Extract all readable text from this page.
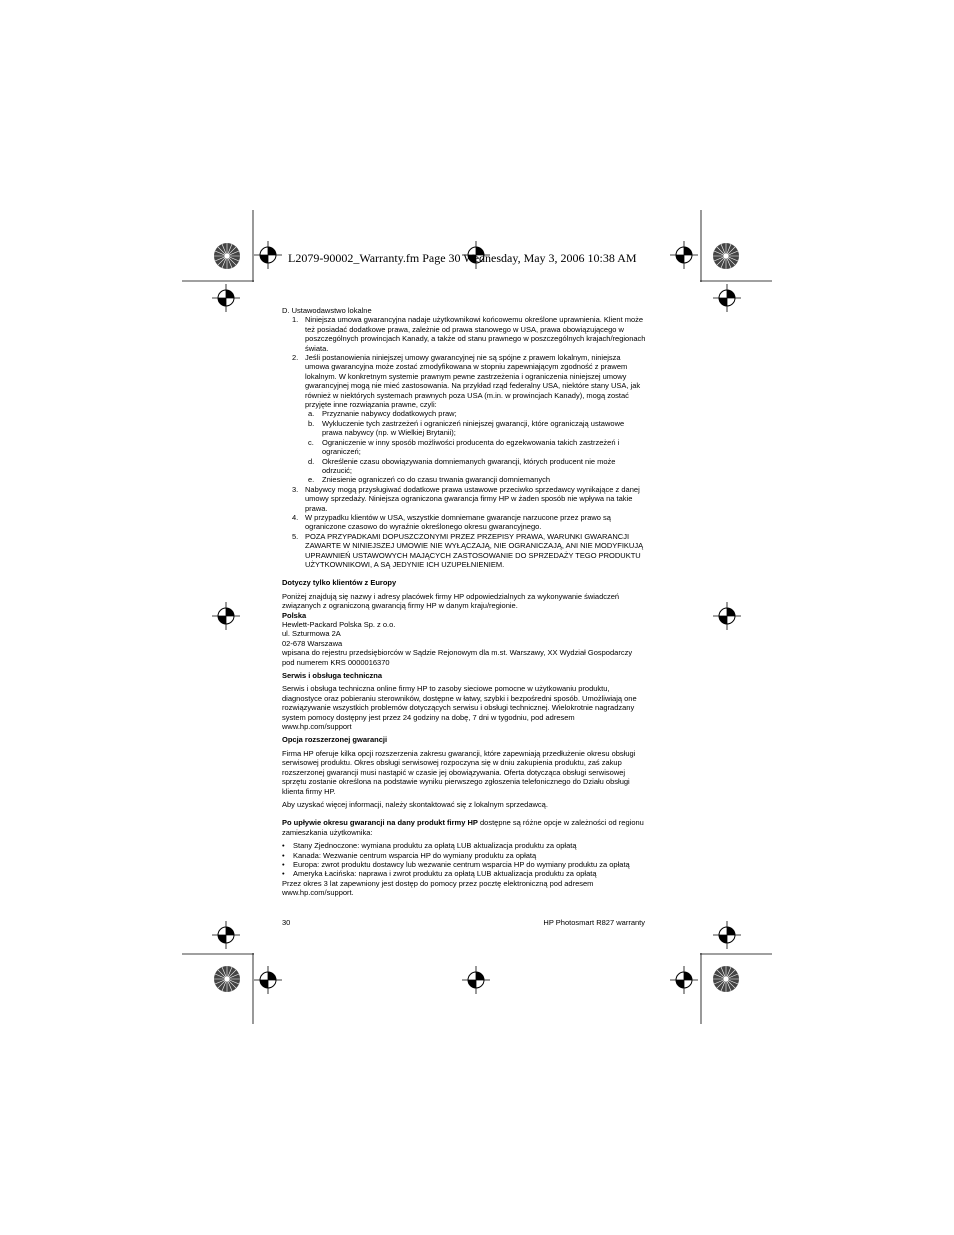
L2079-90002_Warranty.fm Page 30 Wednesday, May 3, 2006 10:38 AM

D. Ustawodawstwo lokalne

1. Niniejsza umowa gwarancyjna nadaje użytkownikowi końcowemu określone uprawnienia. Klient może też posiadać dodatkowe prawa, zależnie od prawa stanowego w USA, prawa obowiązującego w poszczególnych prowincjach Kanady, a także od stanu prawnego w poszczególnych krajach/regionach świata.
2. Jeśli postanowienia niniejszej umowy gwarancyjnej nie są spójne z prawem lokalnym, niniejsza umowa gwarancyjna może zostać zmodyfikowana w stopniu zapewniającym zgodność z prawem lokalnym. W konkretnym systemie prawnym pewne zastrzeżenia i ograniczenia niniejszej umowy gwarancyjnej mogą nie mieć zastosowania. Na przykład rząd federalny USA, niektóre stany USA, jak również w niektórych systemach prawnych poza USA (m.in. w prowincjach Kanady), mogą zostać przyjęte inne rozwiązania prawne, czyli:
a. Przyznanie nabywcy dodatkowych praw;
b. Wykluczenie tych zastrzeżeń i ograniczeń niniejszej gwarancji, które ograniczają ustawowe prawa nabywcy (np. w Wielkiej Brytanii);
c. Ograniczenie w inny sposób możliwości producenta do egzekwowania takich zastrzeżeń i ograniczeń;
d. Określenie czasu obowiązywania domniemanych gwarancji, których producent nie może odrzucić;
e. Zniesienie ograniczeń co do czasu trwania gwarancji domniemanych
3. Nabywcy mogą przysługiwać dodatkowe prawa ustawowe przeciwko sprzedawcy wynikające z danej umowy sprzedaży. Niniejsza ograniczona gwarancja firmy HP w żaden sposób nie wpływa na takie prawa.
4. W przypadku klientów w USA, wszystkie domniemane gwarancje narzucone przez prawo są ograniczone czasowo do wyraźnie określonego okresu gwarancyjnego.
5. POZA PRZYPADKAMI DOPUSZCZONYMI PRZEZ PRZEPISY PRAWA, WARUNKI GWARANCJI ZAWARTE W NINIEJSZEJ UMOWIE NIE WYŁĄCZAJĄ, NIE OGRANICZAJĄ, ANI NIE MODYFIKUJĄ UPRAWNIEŃ USTAWOWYCH MAJĄCYCH ZASTOSOWANIE DO SPRZEDAŻY TEGO PRODUKTU UŻYTKOWNIKOWI, A SĄ JEDYNIE ICH UZUPEŁNIENIEM.

Dotyczy tylko klientów z Europy

Poniżej znajdują się nazwy i adresy placówek firmy HP odpowiedzialnych za wykonywanie świadczeń związanych z ograniczoną gwarancją firmy HP w danym kraju/regionie.

Polska

Hewlett-Packard Polska Sp. z o.o.

ul. Szturmowa 2A

02-678 Warszawa

wpisana do rejestru przedsiębiorców w Sądzie Rejonowym dla m.st. Warszawy, XX Wydział Gospodarczy pod numerem KRS 0000016370

Serwis i obsługa techniczna

Serwis i obsługa techniczna online firmy HP to zasoby sieciowe pomocne w użytkowaniu produktu, diagnostyce oraz pobieraniu sterowników, dostępne w łatwy, szybki i bezpośredni sposób. Umożliwiają one rozwiązywanie wszystkich problemów dotyczących serwisu i obsługi technicznej. Wielokrotnie nagradzany system pomocy dostępny jest przez 24 godziny na dobę, 7 dni w tygodniu, pod adresem www.hp.com/support

Opcja rozszerzonej gwarancji

Firma HP oferuje kilka opcji rozszerzenia zakresu gwarancji, które zapewniają przedłużenie okresu obsługi serwisowej produktu. Okres obsługi serwisowej rozpoczyna się w dniu zakupienia produktu, zaś zakup rozszerzonej gwarancji musi nastąpić w czasie jej obowiązywania. Oferta dotycząca obsługi serwisowej sprzętu zostanie określona na podstawie wyniku pierwszego zgłoszenia telefonicznego do Działu obsługi klienta firmy HP.

Aby uzyskać więcej informacji, należy skontaktować się z lokalnym sprzedawcą.

Po upływie okresu gwarancji na dany produkt firmy HP dostępne są różne opcje w zależności od regionu zamieszkania użytkownika:

• Stany Zjednoczone: wymiana produktu za opłatą LUB aktualizacja produktu za opłatą
• Kanada: Wezwanie centrum wsparcia HP do wymiany produktu za opłatą
• Europa: zwrot produktu dostawcy lub wezwanie centrum wsparcia HP do wymiany produktu za opłatą
• Ameryka Łacińska: naprawa i zwrot produktu za opłatą LUB aktualizacja produktu za opłatą

Przez okres 3 lat zapewniony jest dostęp do pomocy przez pocztę elektroniczną pod adresem www.hp.com/support.

30	HP Photosmart R827 warranty
